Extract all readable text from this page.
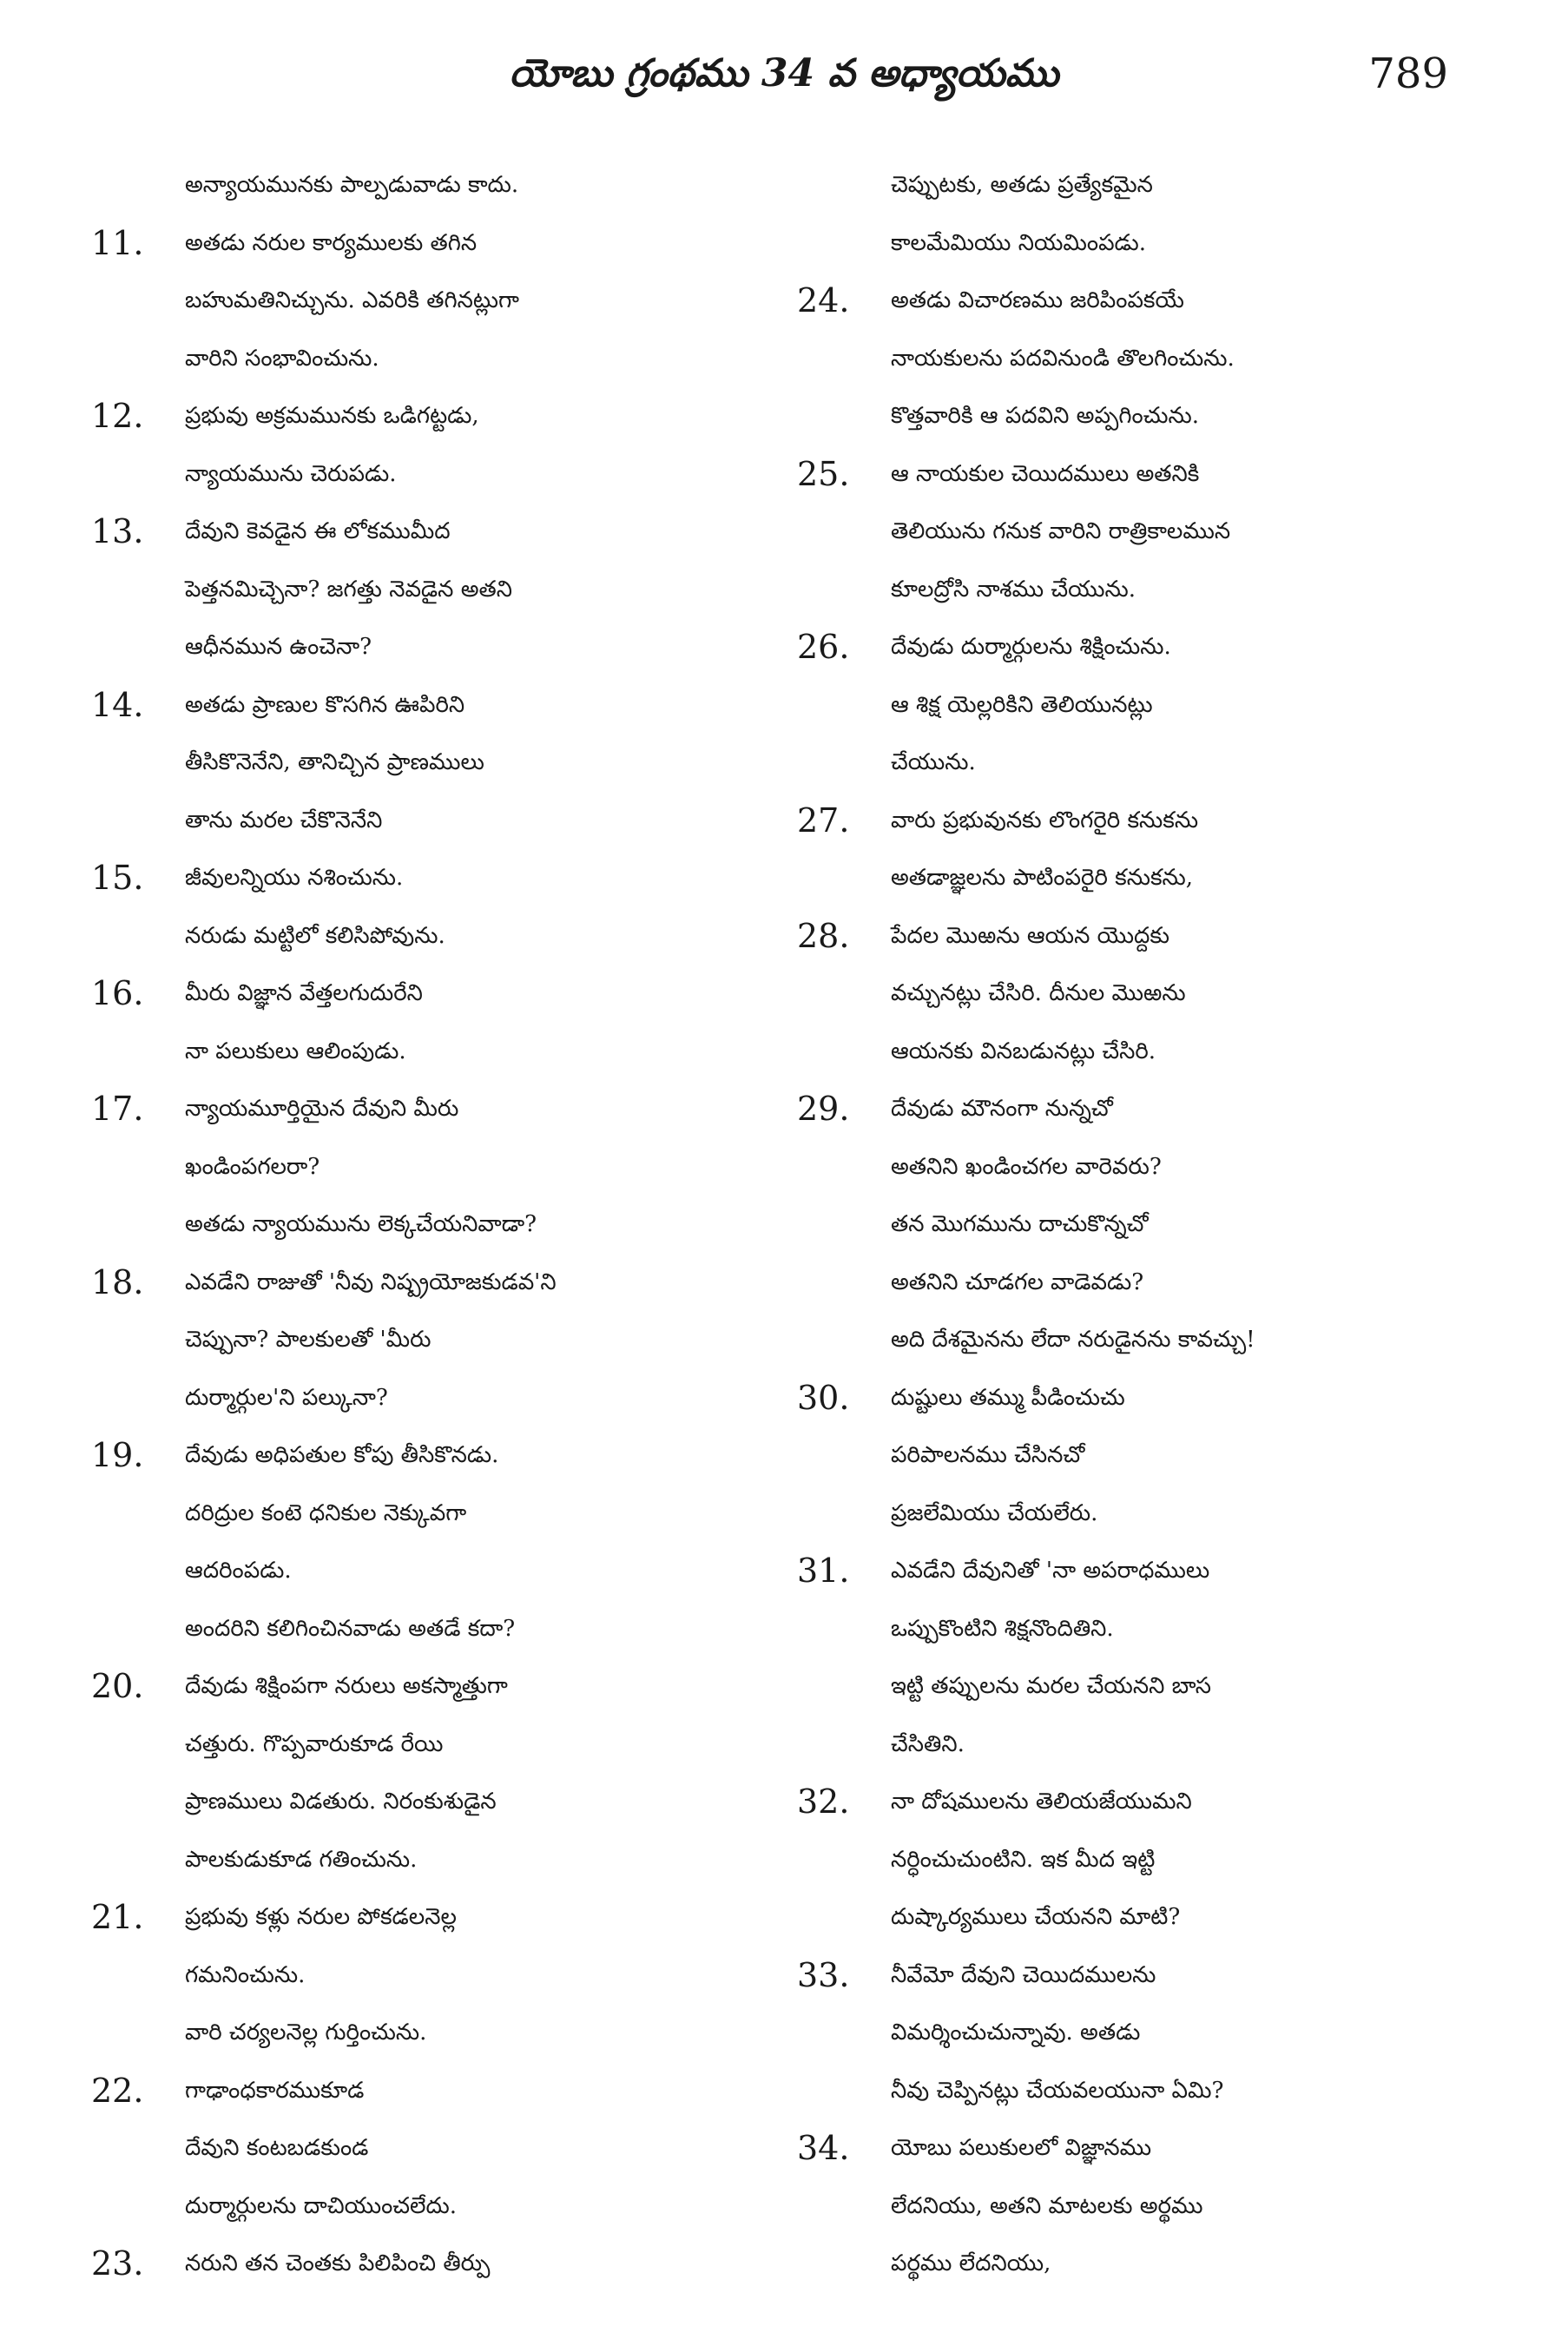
యోబు గ్రంథము 34 వ అధ్యాయము	789
అన్యాయమునకు పాల్పడువాడు కాదు.
11.	అతడు నరుల కార్యములకు తగిన
బహుమతినిచ్చును. ఎవరికి తగినట్లుగా
వారిని సంభావించును.
12.	ప్రభువు అక్రమమునకు ఒడిగట్టడు,
న్యాయమును చెరుపడు.
13.	దేవుని కెవడైన ఈ లోకముమీద
పెత్తనమిచ్చెనా? జగత్తు నెవడైన అతని
ఆధీనమున ఉంచెనా?
14.	అతడు ప్రాణుల కొసగిన ఊపిరిని
తీసికొనెనేని, తానిచ్చిన ప్రాణములు
తాను మరల చేకొనెనేని
15.	జీవులన్నియు నశించును.
నరుడు మట్టిలో కలిసిపోవును.
16.	మీరు విజ్ఞాన వేత్తలగుదురేని
నా పలుకులు ఆలింపుడు.
17.	న్యాయమూర్తియైన దేవుని మీరు
ఖండింపగలరా?
అతడు న్యాయమును లెక్కచేయనివాడా?
18.	ఎవడేని రాజుతో 'నీవు నిష్ప్రయోజకుడవ'ని
చెప్పునా? పాలకులతో 'మీరు
దుర్మార్గుల'ని పల్కునా?
19.	దేవుడు అధిపతుల కోపు తీసికొనడు.
దరిద్రుల కంటె ధనికుల నెక్కువగా
ఆదరింపడు.
అందరిని కలిగించినవాడు అతడే కదా?
20.	దేవుడు శిక్షింపగా నరులు అకస్మాత్తుగా
చత్తురు. గొప్పవారుకూడ రేయి
ప్రాణములు విడతురు. నిరంకుశుడైన
పాలకుడుకూడ గతించును.
21.	ప్రభువు కళ్లు నరుల పోకడలనెల్ల
గమనించును.
వారి చర్యలనెల్ల గుర్తించును.
22.	గాఢాంధకారముకూడ
దేవుని కంటబడకుండ
దుర్మార్గులను దాచియుంచలేదు.
23.	నరుని తన చెంతకు పిలిపించి తీర్పు
చెప్పుటకు, అతడు ప్రత్యేకమైన
కాలమేమియు నియమింపడు.
24.	అతడు విచారణము జరిపింపకయే
నాయకులను పదవినుండి తొలగించును.
కొత్తవారికి ఆ పదవిని అప్పగించును.
25.	ఆ నాయకుల చెయిదములు అతనికి
తెలియును గనుక వారిని రాత్రికాలమున
కూలద్రోసి నాశము చేయును.
26.	దేవుడు దుర్మార్గులను శిక్షించును.
ఆ శిక్ష యెల్లరికిని తెలియునట్లు
చేయును.
27.	వారు ప్రభువునకు లొంగరైరి కనుకను
అతడాజ్ఞలను పాటింపరైరి కనుకను,
28.	పేదల మొఱను ఆయన యొద్దకు
వచ్చునట్లు చేసిరి. దీనుల మొఱను
ఆయనకు వినబడునట్లు చేసిరి.
29.	దేవుడు మౌనంగా నున్నచో
అతనిని ఖండించగల వారెవరు?
తన మొగమును దాచుకొన్నచో
అతనిని చూడగల వాడెవడు?
అది దేశమైనను లేదా నరుడైనను కావచ్చు!
30.	దుష్టులు తమ్ము పీడించుచు
పరిపాలనము చేసినచో
ప్రజలేమియు చేయలేరు.
31.	ఎవడేని దేవునితో 'నా అపరాధములు
ఒప్పుకొంటిని శిక్షనొందితిని.
ఇట్టి తప్పులను మరల చేయనని బాస
చేసితిని.
32.	నా దోషములను తెలియజేయుమని
నర్ధించుచుంటిని. ఇక మీద ఇట్టి
దుష్కార్యములు చేయనని మాటి?
33.	నీవేమో దేవుని చెయిదములను
విమర్శించుచున్నావు. అతడు
నీవు చెప్పినట్లు చేయవలయునా ఏమి?
34.	యోబు పలుకులలో విజ్ఞానము
లేదనియు, అతని మాటలకు అర్థము
పర్థము లేదనియు,
